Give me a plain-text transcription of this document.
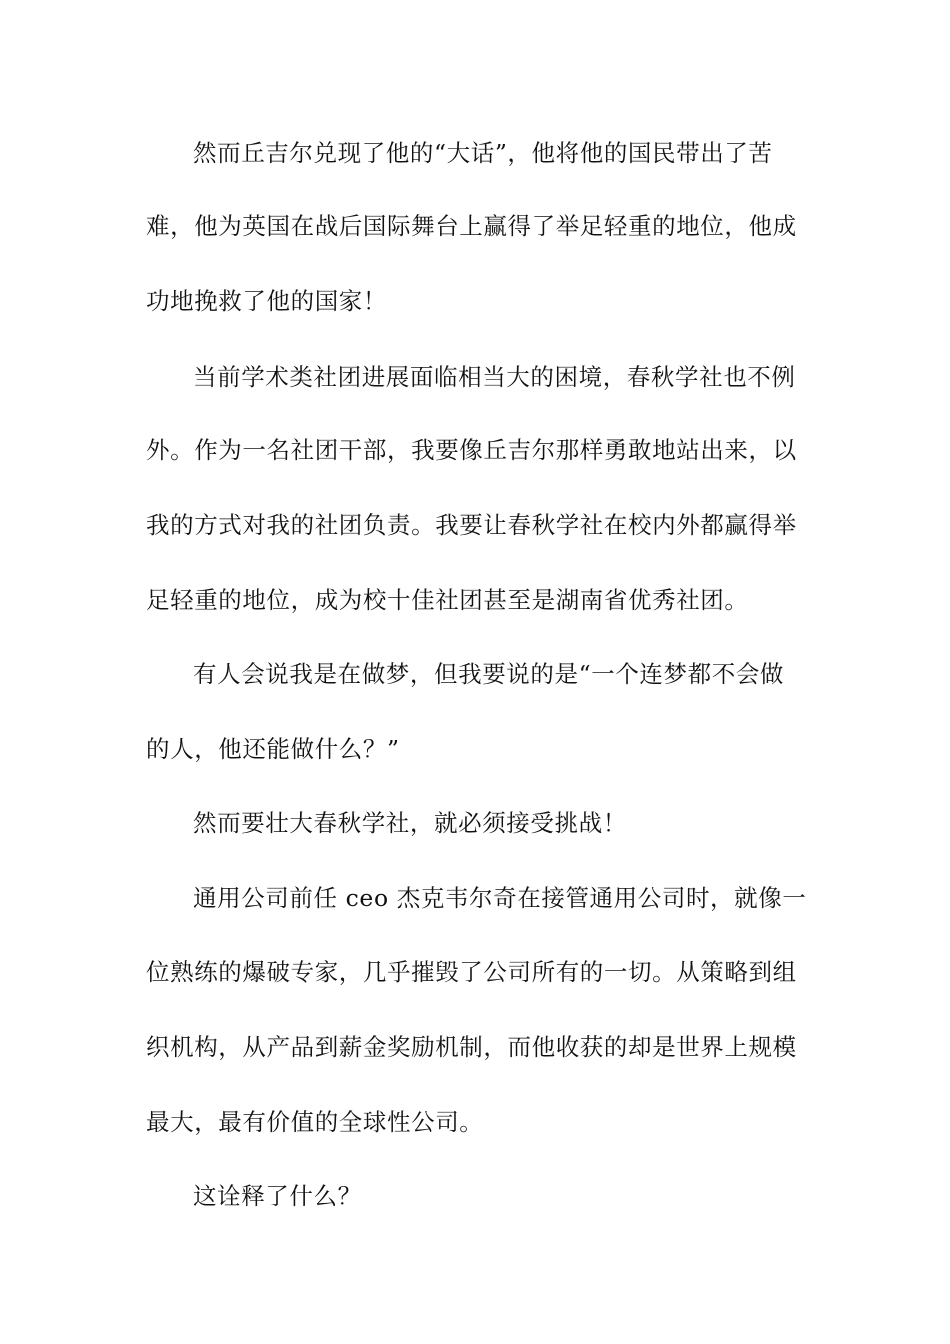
然而丘吉尔兑现了他的“大话”，他将他的国民带出了苦
难，他为英国在战后国际舞台上赢得了举足轻重的地位，他成
功地挽救了他的国家！
当前学术类社团进展面临相当大的困境，春秋学社也不例
外。作为一名社团干部，我要像丘吉尔那样勇敢地站出来，以
我的方式对我的社团负责。我要让春秋学社在校内外都赢得举
足轻重的地位，成为校十佳社团甚至是湖南省优秀社团。
有人会说我是在做梦，但我要说的是“一个连梦都不会做
的人，他还能做什么？”
然而要壮大春秋学社，就必须接受挑战！
通用公司前任 ceo 杰克韦尔奇在接管通用公司时，就像一
位熟练的爆破专家，几乎摧毁了公司所有的一切。从策略到组
织机构，从产品到薪金奖励机制，而他收获的却是世界上规模
最大，最有价值的全球性公司。
这诠释了什么？
